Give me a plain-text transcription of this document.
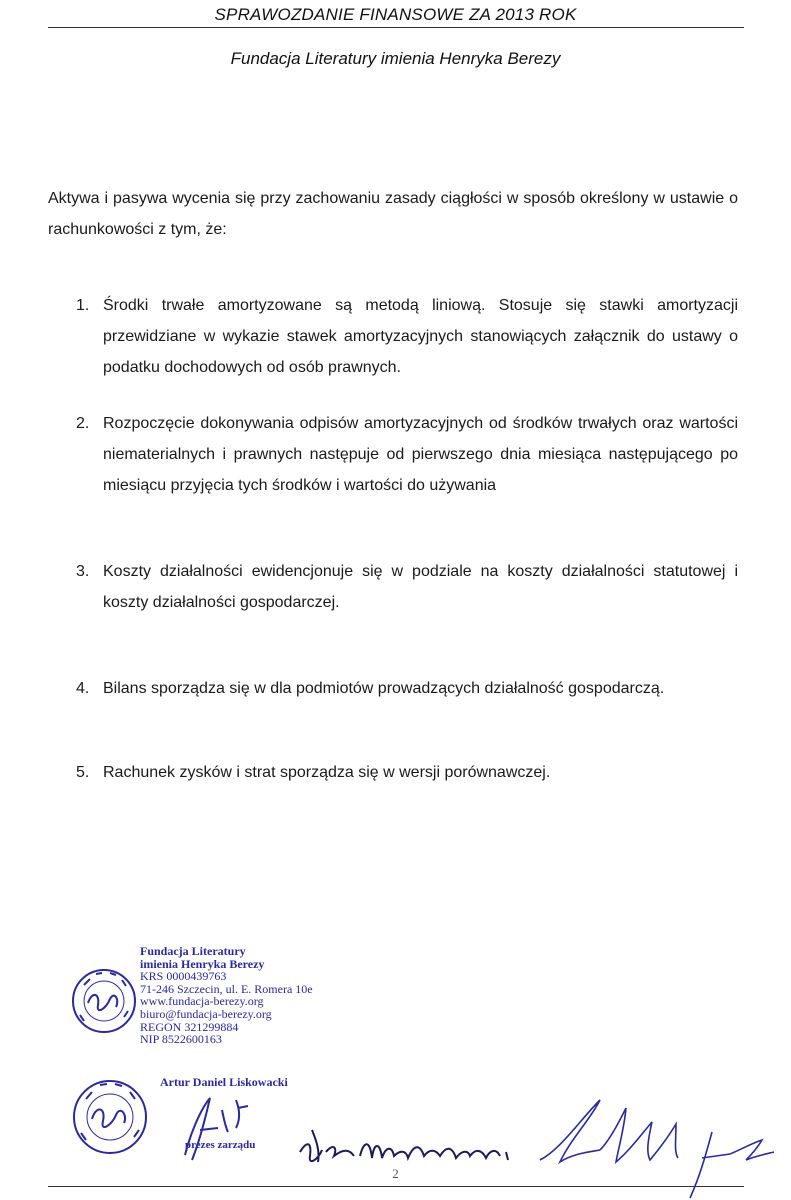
SPRAWOZDANIE FINANSOWE ZA 2013 ROK
Fundacja Literatury imienia Henryka Berezy
Aktywa i pasywa wycenia się przy zachowaniu zasady ciągłości w sposób określony w ustawie o rachunkowości z tym, że:
1. Środki trwałe amortyzowane są metodą liniową. Stosuje się stawki amortyzacji przewidziane w wykazie stawek amortyzacyjnych stanowiących załącznik do ustawy o podatku dochodowych od osób prawnych.
2. Rozpoczęcie dokonywania odpisów amortyzacyjnych od środków trwałych oraz wartości niematerialnych i prawnych następuje od pierwszego dnia miesiąca następującego po miesiącu przyjęcia tych środków i wartości do używania
3. Koszty działalności ewidencjonuje się w podziale na koszty działalności statutowej i koszty działalności gospodarczej.
4. Bilans sporządza się w dla podmiotów prowadzących działalność gospodarczą.
5. Rachunek zysków i strat sporządza się w wersji porównawczej.
Fundacja Literatury
imienia Henryka Berezy
KRS 0000439763
71-246 Szczecin, ul. E. Romera 10e
www.fundacja-berezy.org
biuro@fundacja-berezy.org
REGON 321299884
NIP 8522600163
Artur Daniel Liskowacki
prezes zarządu
2
